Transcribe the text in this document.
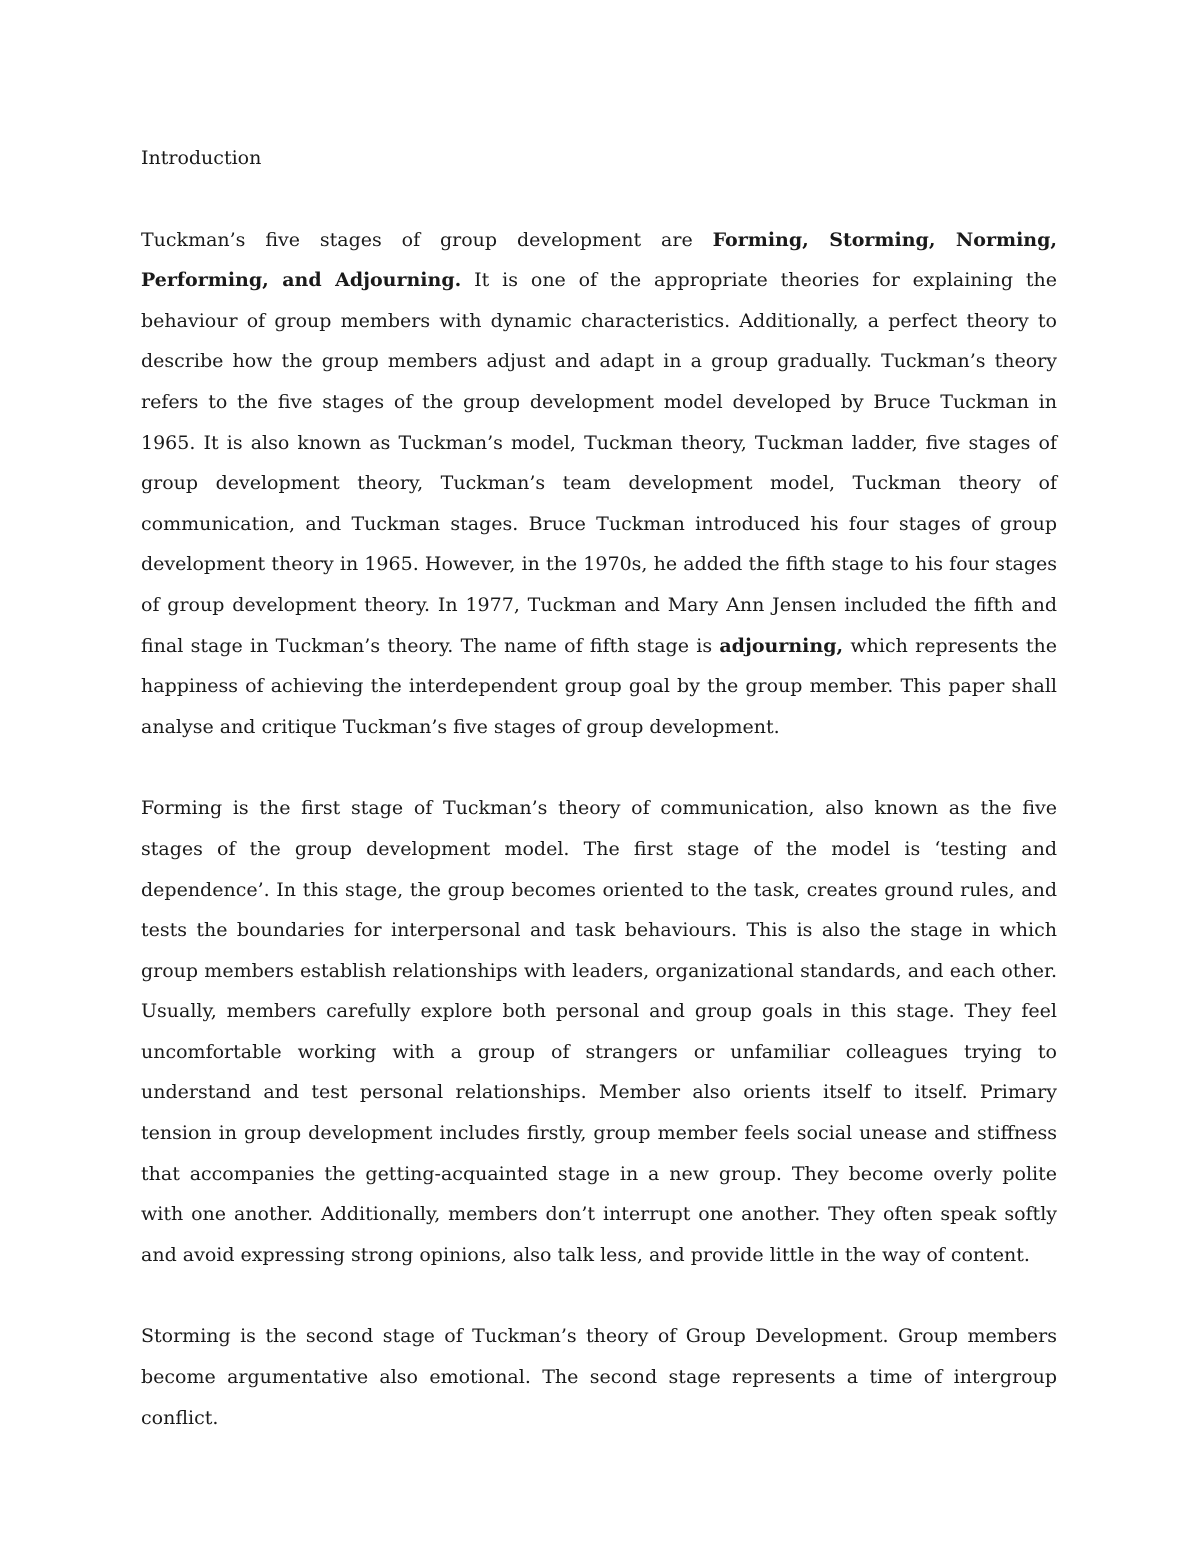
Introduction

Tuckman’s five stages of group development are Forming, Storming, Norming, Performing, and Adjourning. It is one of the appropriate theories for explaining the behaviour of group members with dynamic characteristics. Additionally, a perfect theory to describe how the group members adjust and adapt in a group gradually. Tuckman’s theory refers to the five stages of the group development model developed by Bruce Tuckman in 1965. It is also known as Tuckman’s model, Tuckman theory, Tuckman ladder, five stages of group development theory, Tuckman’s team development model, Tuckman theory of communication, and Tuckman stages. Bruce Tuckman introduced his four stages of group development theory in 1965. However, in the 1970s, he added the fifth stage to his four stages of group development theory. In 1977, Tuckman and Mary Ann Jensen included the fifth and final stage in Tuckman’s theory. The name of fifth stage is adjourning, which represents the happiness of achieving the interdependent group goal by the group member. This paper shall analyse and critique Tuckman’s five stages of group development.

Forming is the first stage of Tuckman’s theory of communication, also known as the five stages of the group development model. The first stage of the model is ‘testing and dependence’. In this stage, the group becomes oriented to the task, creates ground rules, and tests the boundaries for interpersonal and task behaviours. This is also the stage in which group members establish relationships with leaders, organizational standards, and each other. Usually, members carefully explore both personal and group goals in this stage. They feel uncomfortable working with a group of strangers or unfamiliar colleagues trying to understand and test personal relationships. Member also orients itself to itself. Primary tension in group development includes firstly, group member feels social unease and stiffness that accompanies the getting-acquainted stage in a new group. They become overly polite with one another. Additionally, members don’t interrupt one another. They often speak softly and avoid expressing strong opinions, also talk less, and provide little in the way of content.

Storming is the second stage of Tuckman’s theory of Group Development. Group members become argumentative also emotional. The second stage represents a time of intergroup conflict.
